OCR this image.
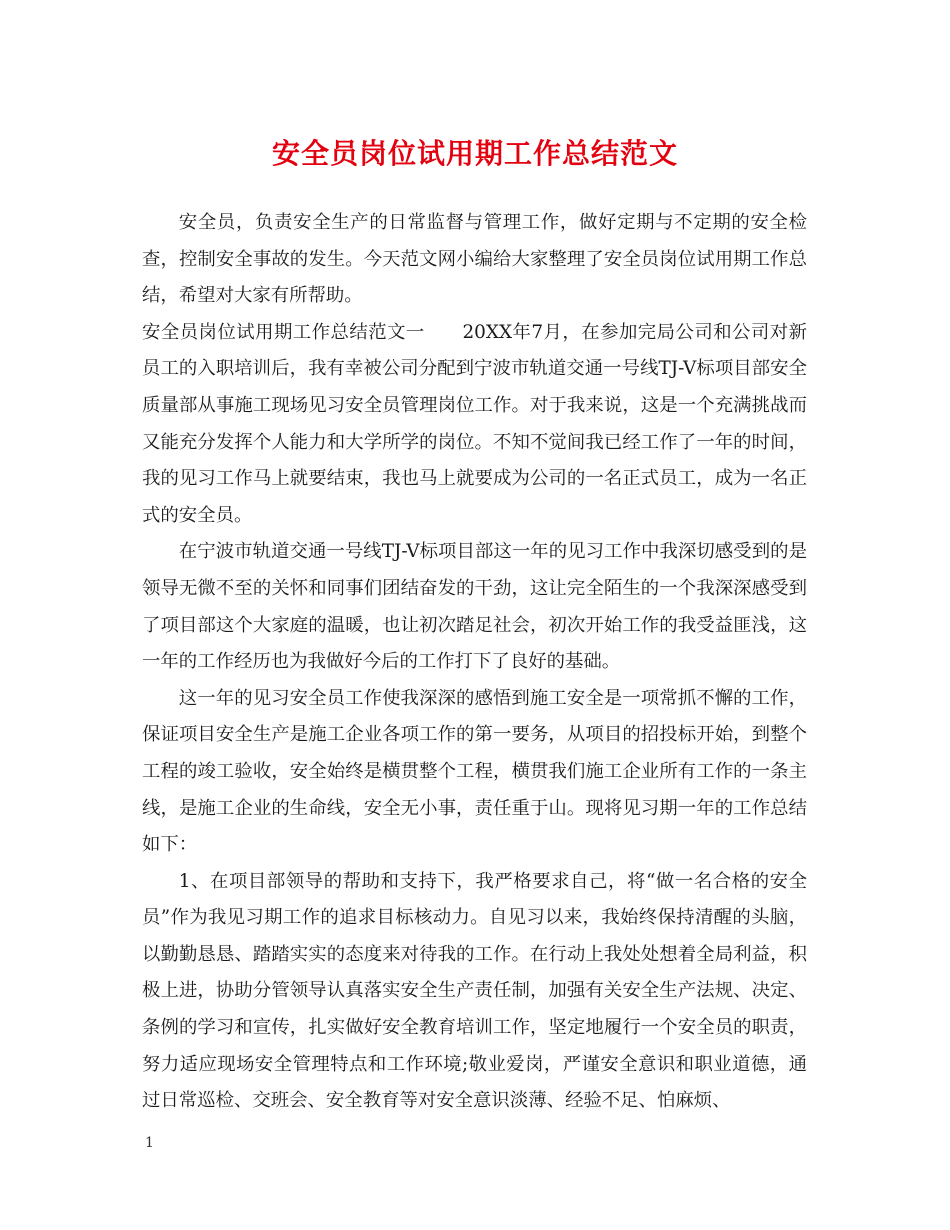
安全员岗位试用期工作总结范文

安全员，负责安全生产的日常监督与管理工作，做好定期与不定期的安全检查，控制安全事故的发生。今天范文网小编给大家整理了安全员岗位试用期工作总结，希望对大家有所帮助。

安全员岗位试用期工作总结范文一　　20XX年7月，在参加完局公司和公司对新员工的入职培训后，我有幸被公司分配到宁波市轨道交通一号线TJ-V标项目部安全质量部从事施工现场见习安全员管理岗位工作。对于我来说，这是一个充满挑战而又能充分发挥个人能力和大学所学的岗位。不知不觉间我已经工作了一年的时间，我的见习工作马上就要结束，我也马上就要成为公司的一名正式员工，成为一名正式的安全员。

在宁波市轨道交通一号线TJ-V标项目部这一年的见习工作中我深切感受到的是领导无微不至的关怀和同事们团结奋发的干劲，这让完全陌生的一个我深深感受到了项目部这个大家庭的温暖，也让初次踏足社会，初次开始工作的我受益匪浅，这一年的工作经历也为我做好今后的工作打下了良好的基础。

这一年的见习安全员工作使我深深的感悟到施工安全是一项常抓不懈的工作，保证项目安全生产是施工企业各项工作的第一要务，从项目的招投标开始，到整个工程的竣工验收，安全始终是横贯整个工程，横贯我们施工企业所有工作的一条主线，是施工企业的生命线，安全无小事，责任重于山。现将见习期一年的工作总结如下：

1、在项目部领导的帮助和支持下，我严格要求自己，将“做一名合格的安全员”作为我见习期工作的追求目标核动力。自见习以来，我始终保持清醒的头脑，以勤勤恳恳、踏踏实实的态度来对待我的工作。在行动上我处处想着全局利益，积极上进，协助分管领导认真落实安全生产责任制，加强有关安全生产法规、决定、条例的学习和宣传，扎实做好安全教育培训工作，坚定地履行一个安全员的职责，努力适应现场安全管理特点和工作环境;敬业爱岗，严谨安全意识和职业道德，通过日常巡检、交班会、安全教育等对安全意识淡薄、经验不足、怕麻烦、

1
